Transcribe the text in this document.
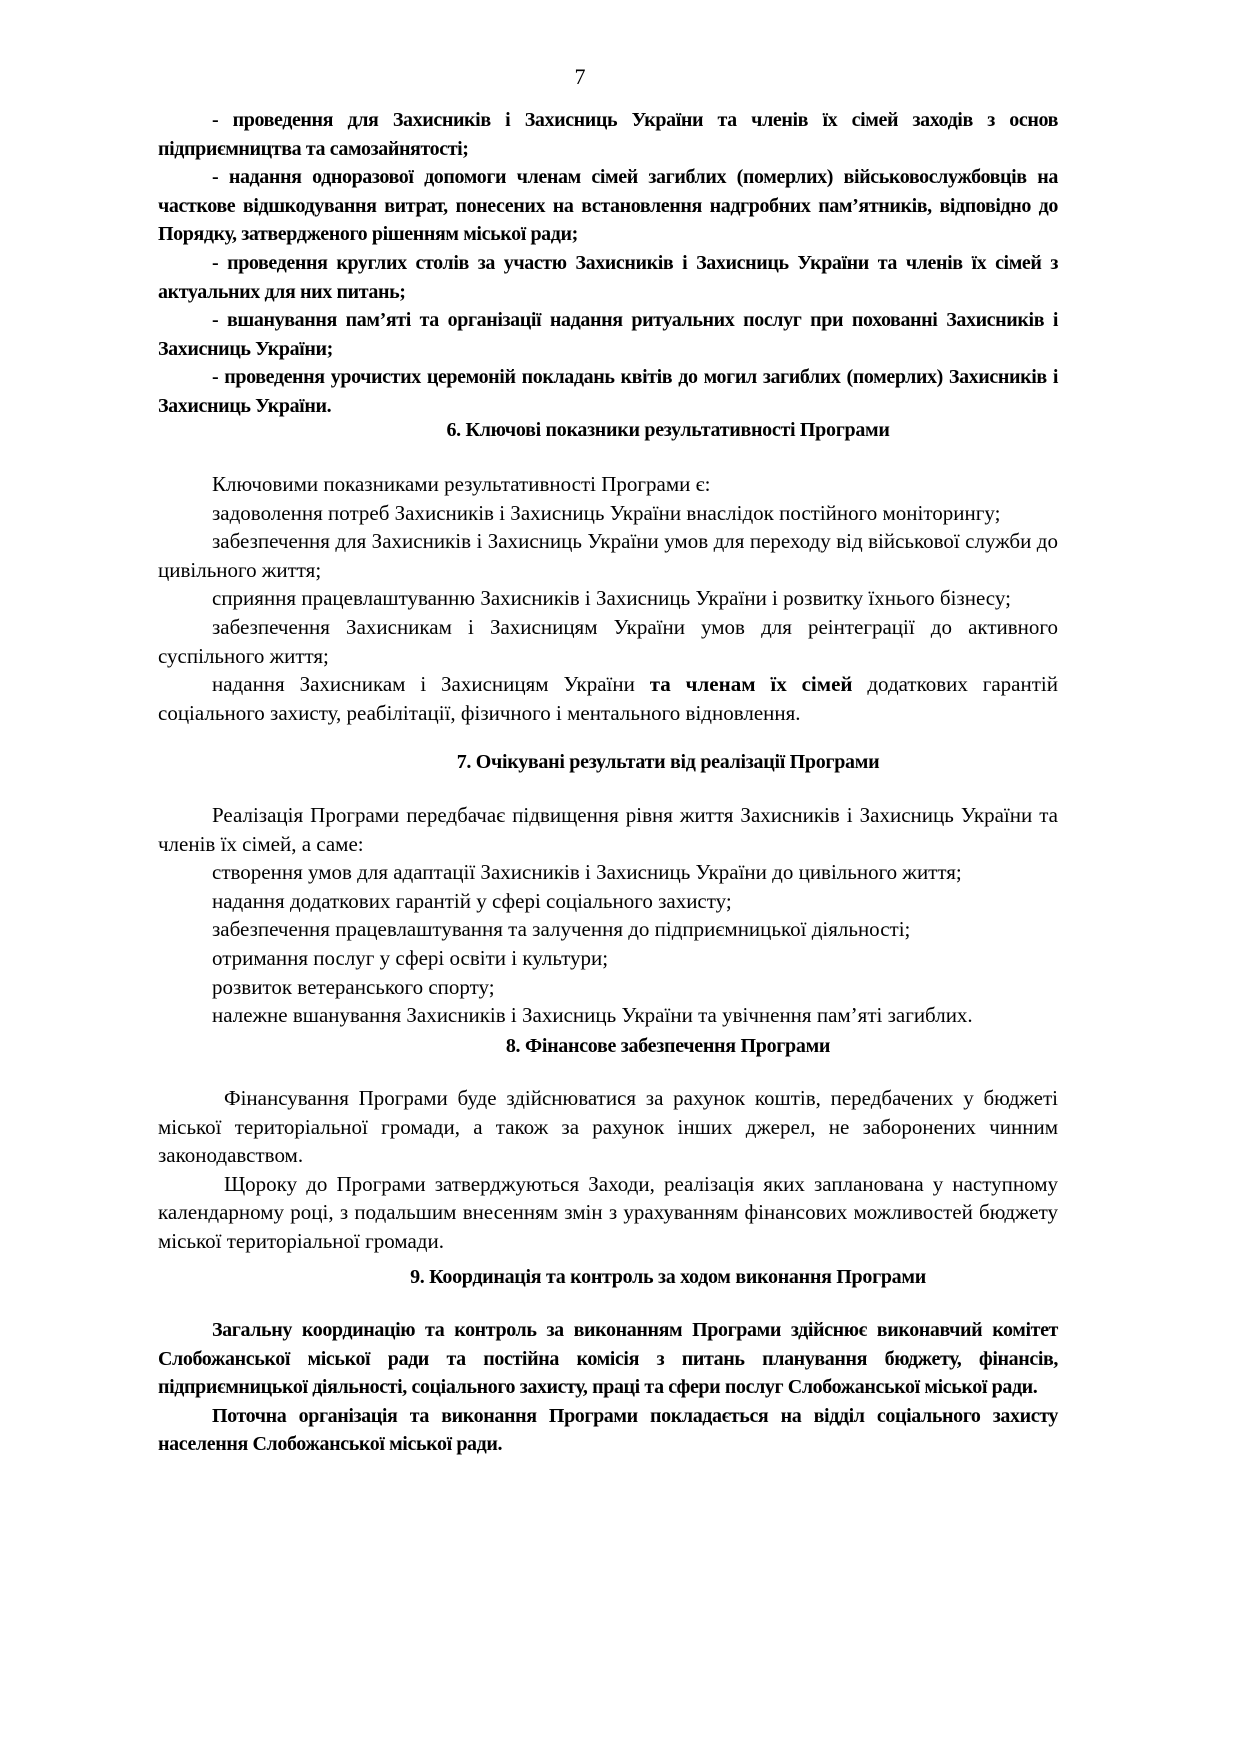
7

- проведення для Захисників і Захисниць України та членів їх сімей заходів з основ підприємництва та самозайнятості;

- надання одноразової допомоги членам сімей загиблих (померлих) військовослужбовців на часткове відшкодування витрат, понесених на встановлення надгробних пам’ятників, відповідно до Порядку, затвердженого рішенням міської ради;

- проведення круглих столів за участю Захисників і Захисниць України та членів їх сімей з актуальних для них питань;

- вшанування пам’яті та організації надання ритуальних послуг при похованні Захисників і Захисниць України;

- проведення урочистих церемоній покладань квітів до могил загиблих (померлих) Захисників і Захисниць України.

6. Ключові показники результативності Програми

Ключовими показниками результативності Програми є:

задоволення потреб Захисників і Захисниць України внаслідок постійного моніторингу;

забезпечення для Захисників і Захисниць України умов для переходу від військової служби до цивільного життя;

сприяння працевлаштуванню Захисників і Захисниць України і розвитку їхнього бізнесу;

забезпечення Захисникам і Захисницям України умов для реінтеграції до активного суспільного життя;

надання Захисникам і Захисницям України та членам їх сімей додаткових гарантій соціального захисту, реабілітації, фізичного і ментального відновлення.

7. Очікувані результати від реалізації Програми

Реалізація Програми передбачає підвищення рівня життя Захисників і Захисниць України та членів їх сімей, а саме:

створення умов для адаптації Захисників і Захисниць України до цивільного життя;

надання додаткових гарантій у сфері соціального захисту;

забезпечення працевлаштування та залучення до підприємницької діяльності;

отримання послуг у сфері освіти і культури;

розвиток ветеранського спорту;

належне вшанування Захисників і Захисниць України та увічнення пам’яті загиблих.

8. Фінансове забезпечення Програми

Фінансування Програми буде здійснюватися за рахунок коштів, передбачених у бюджеті міської територіальної громади, а також за рахунок інших джерел, не заборонених чинним законодавством.

Щороку до Програми затверджуються Заходи, реалізація яких запланована у наступному календарному році, з подальшим внесенням змін з урахуванням фінансових можливостей бюджету міської територіальної громади.

9. Координація та контроль за ходом виконання Програми

Загальну координацію та контроль за виконанням Програми здійснює виконавчий комітет Слобожанської міської ради та постійна комісія з питань планування бюджету, фінансів, підприємницької діяльності, соціального захисту, праці та сфери послуг Слобожанської міської ради.

Поточна організація та виконання Програми покладається на відділ соціального захисту населення Слобожанської міської ради.
